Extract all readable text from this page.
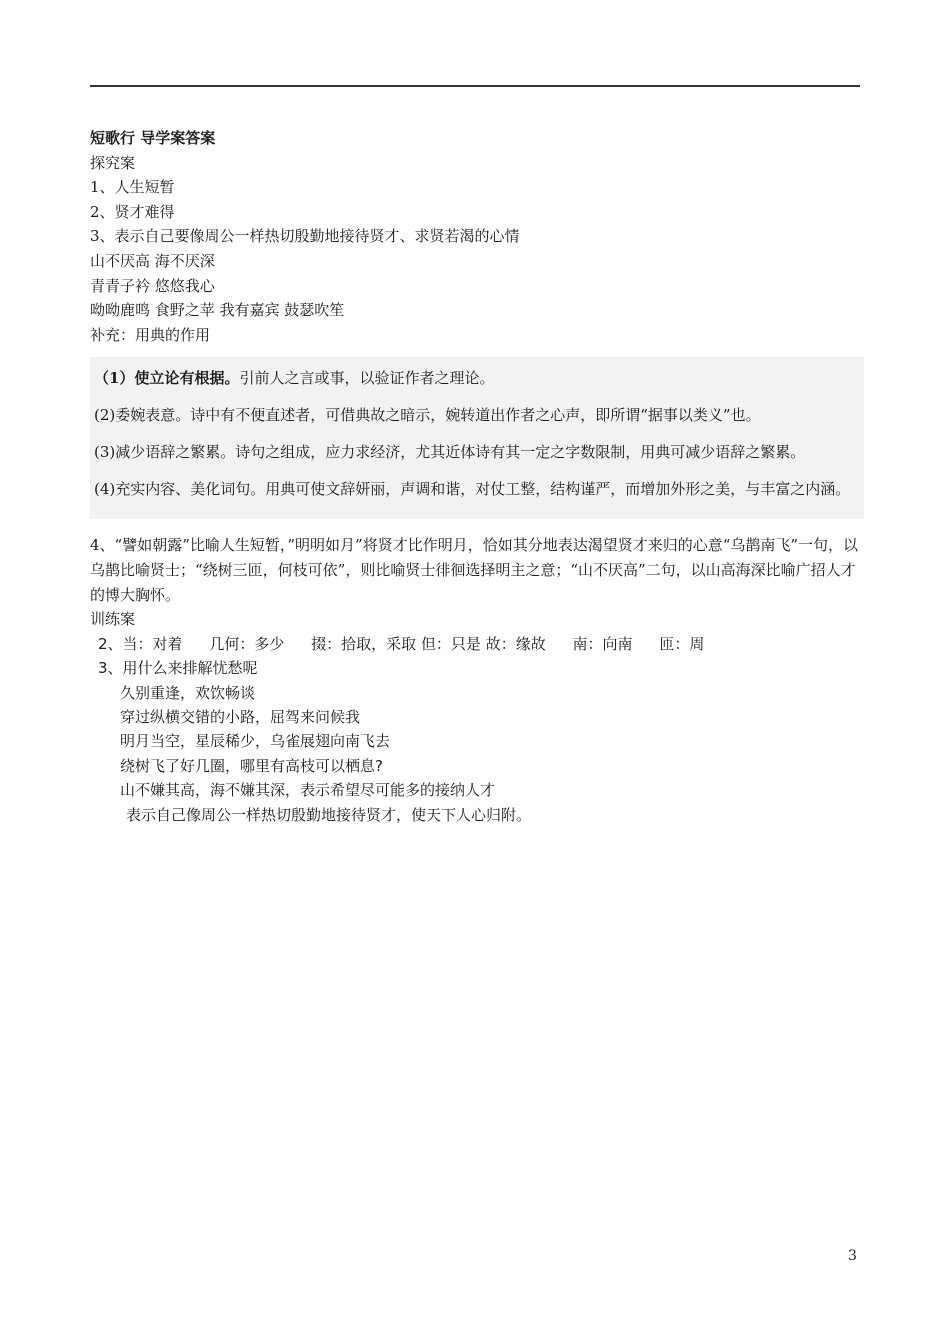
短歌行 导学案答案

探究案

1、人生短暂

2、贤才难得

3、表示自己要像周公一样热切殷勤地接待贤才、求贤若渴的心情

山不厌高 海不厌深

青青子衿 悠悠我心

呦呦鹿鸣 食野之苹 我有嘉宾 鼓瑟吹笙

补充：用典的作用

（1）使立论有根据。引前人之言或事，以验证作者之理论。

(2)委婉表意。诗中有不便直述者，可借典故之暗示，婉转道出作者之心声，即所谓“据事以类义”也。

(3)减少语辞之繁累。诗句之组成，应力求经济，尤其近体诗有其一定之字数限制，用典可减少语辞之繁累。

(4)充实内容、美化词句。用典可使文辞妍丽，声调和谐，对仗工整，结构谨严，而增加外形之美，与丰富之内涵。

4、“譬如朝露”比喻人生短暂，”明明如月”将贤才比作明月，恰如其分地表达渴望贤才来归的心意“乌鹊南飞”一句，以乌鹊比喻贤士；“绕树三匝，何枝可依”，则比喻贤士徘徊选择明主之意；“山不厌高”二句，以山高海深比喻广招人才的博大胸怀。

训练案

2、当：对着 几何：多少 掇：拾取，采取 但：只是 故：缘故 南：向南 匝：周

3、用什么来排解忧愁呢

久别重逢，欢饮畅谈

穿过纵横交错的小路，屈驾来问候我

明月当空，星辰稀少，乌雀展翅向南飞去

绕树飞了好几圈，哪里有高枝可以栖息?

山不嫌其高，海不嫌其深，表示希望尽可能多的接纳人才

表示自己像周公一样热切殷勤地接待贤才，使天下人心归附。

3
